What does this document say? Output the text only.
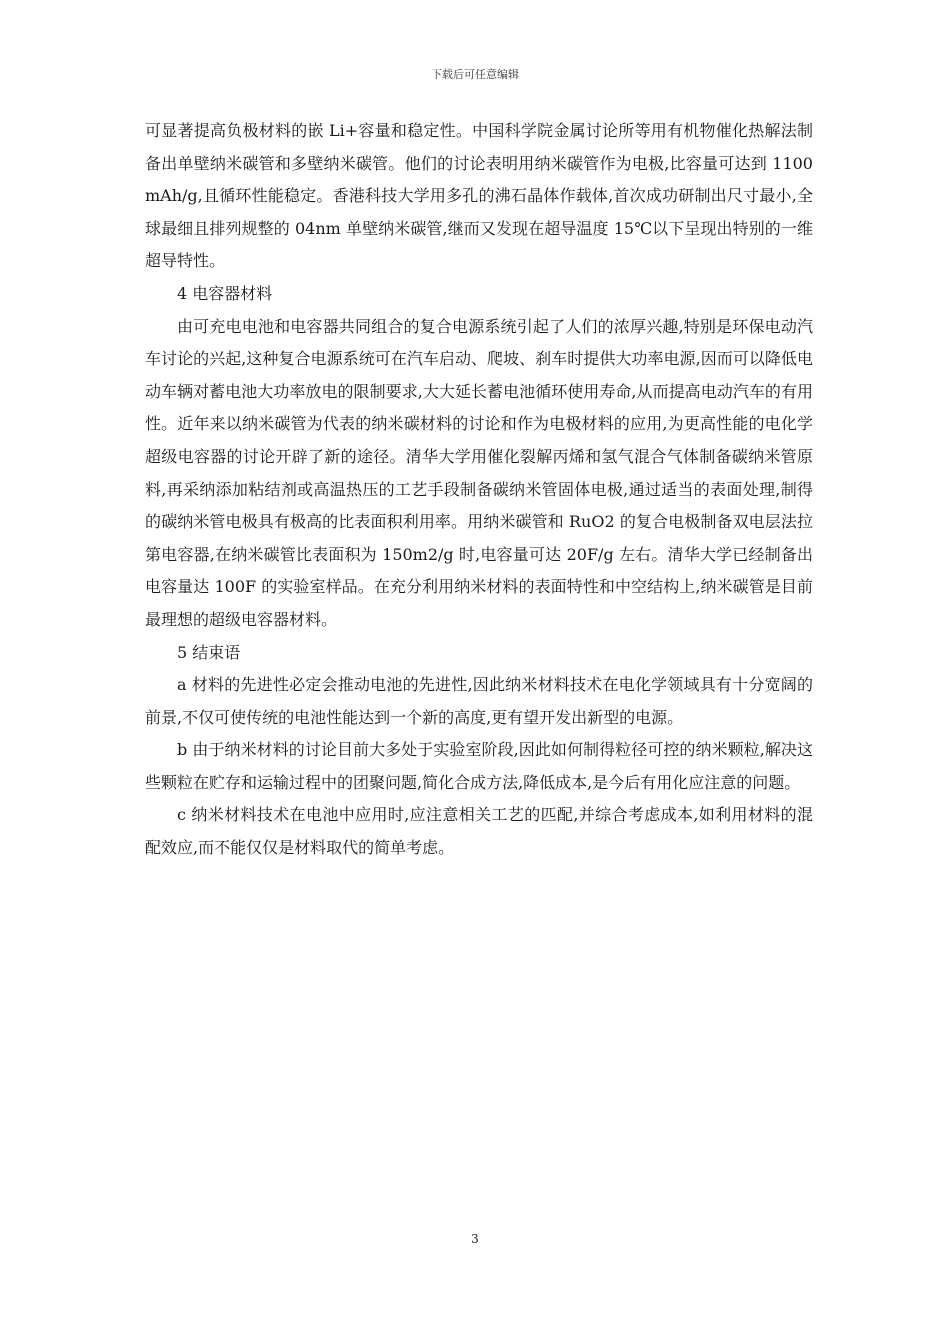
下载后可任意编辑

可显著提高负极材料的嵌 Li+容量和稳定性。中国科学院金属讨论所等用有机物催化热解法制备出单壁纳米碳管和多壁纳米碳管。他们的讨论表明用纳米碳管作为电极,比容量可达到 1100mAh/g,且循环性能稳定。香港科技大学用多孔的沸石晶体作载体,首次成功研制出尺寸最小,全球最细且排列规整的 04nm 单壁纳米碳管,继而又发现在超导温度 15℃以下呈现出特别的一维超导特性。

4 电容器材料

由可充电电池和电容器共同组合的复合电源系统引起了人们的浓厚兴趣,特别是环保电动汽车讨论的兴起,这种复合电源系统可在汽车启动、爬坡、刹车时提供大功率电源,因而可以降低电动车辆对蓄电池大功率放电的限制要求,大大延长蓄电池循环使用寿命,从而提高电动汽车的有用性。近年来以纳米碳管为代表的纳米碳材料的讨论和作为电极材料的应用,为更高性能的电化学超级电容器的讨论开辟了新的途径。清华大学用催化裂解丙烯和氢气混合气体制备碳纳米管原料,再采纳添加粘结剂或高温热压的工艺手段制备碳纳米管固体电极,通过适当的表面处理,制得的碳纳米管电极具有极高的比表面积利用率。用纳米碳管和 RuO2 的复合电极制备双电层法拉第电容器,在纳米碳管比表面积为 150m2/g 时,电容量可达 20F/g 左右。清华大学已经制备出电容量达 100F 的实验室样品。在充分利用纳米材料的表面特性和中空结构上,纳米碳管是目前最理想的超级电容器材料。

5 结束语

a 材料的先进性必定会推动电池的先进性,因此纳米材料技术在电化学领域具有十分宽阔的前景,不仅可使传统的电池性能达到一个新的高度,更有望开发出新型的电源。

b 由于纳米材料的讨论目前大多处于实验室阶段,因此如何制得粒径可控的纳米颗粒,解决这些颗粒在贮存和运输过程中的团聚问题,简化合成方法,降低成本,是今后有用化应注意的问题。

c 纳米材料技术在电池中应用时,应注意相关工艺的匹配,并综合考虑成本,如利用材料的混配效应,而不能仅仅是材料取代的简单考虑。

3
